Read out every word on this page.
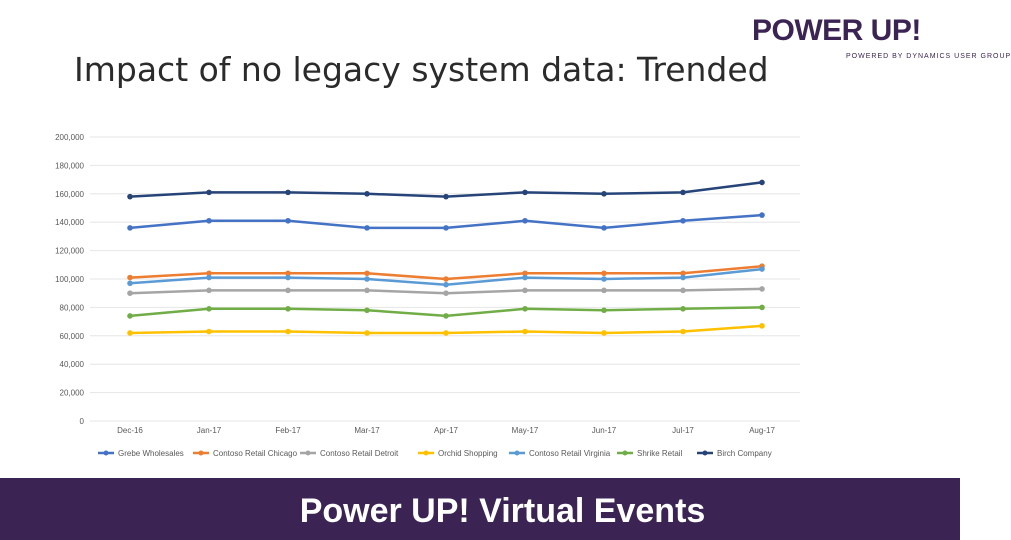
Impact of no legacy system data: Trended
POWER UP!
POWERED BY DYNAMICS USER GROUP
0
20,000
40,000
60,000
80,000
100,000
120,000
140,000
160,000
180,000
200,000
Dec-16	Jan-17	Feb-17	Mar-17	Apr-17	May-17	Jun-17	Jul-17	Aug-17
Grebe Wholesales	Contoso Retail Chicago	Contoso Retail Detroit	Orchid Shopping	Contoso Retail Virginia	Shrike Retail	Birch Company
Power UP! Virtual Events
